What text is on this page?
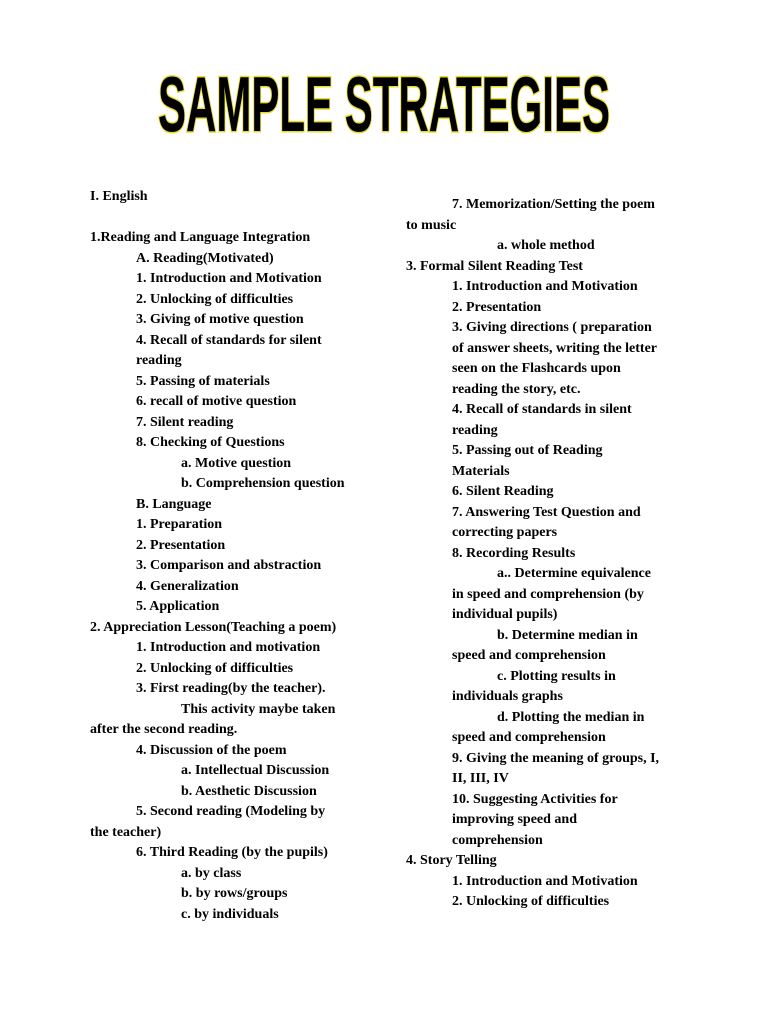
SAMPLE STRATEGIES
I. English
1.Reading and Language Integration
A. Reading(Motivated)
1. Introduction and Motivation
2. Unlocking of difficulties
3. Giving of motive question
4. Recall of standards for silent
reading
5. Passing of materials
6. recall of motive question
7. Silent reading
8. Checking of Questions
a. Motive question
b. Comprehension question
B. Language
1. Preparation
2. Presentation
3. Comparison and abstraction
4. Generalization
5. Application
2. Appreciation Lesson(Teaching a poem)
1. Introduction and motivation
2. Unlocking of difficulties
3. First reading(by the teacher).
This activity maybe taken
after the second reading.
4. Discussion of the poem
a. Intellectual Discussion
b. Aesthetic Discussion
5. Second reading (Modeling by
the teacher)
6. Third Reading (by the pupils)
a. by class
b. by rows/groups
c. by individuals
7. Memorization/Setting the poem
to music
a. whole method
3. Formal Silent Reading Test
1. Introduction and Motivation
2. Presentation
3. Giving directions ( preparation
of answer sheets, writing the letter
seen on the Flashcards upon
reading the story, etc.
4. Recall of standards in silent
reading
5. Passing out of Reading
Materials
6. Silent Reading
7. Answering Test Question and
correcting papers
8. Recording Results
a.. Determine equivalence
in speed and comprehension (by
individual pupils)
b. Determine median in
speed and comprehension
c. Plotting results in
individuals graphs
d. Plotting the median in
speed and comprehension
9. Giving the meaning of groups, I,
II, III, IV
10. Suggesting Activities for
improving speed and
comprehension
4. Story Telling
1. Introduction and Motivation
2. Unlocking of difficulties
